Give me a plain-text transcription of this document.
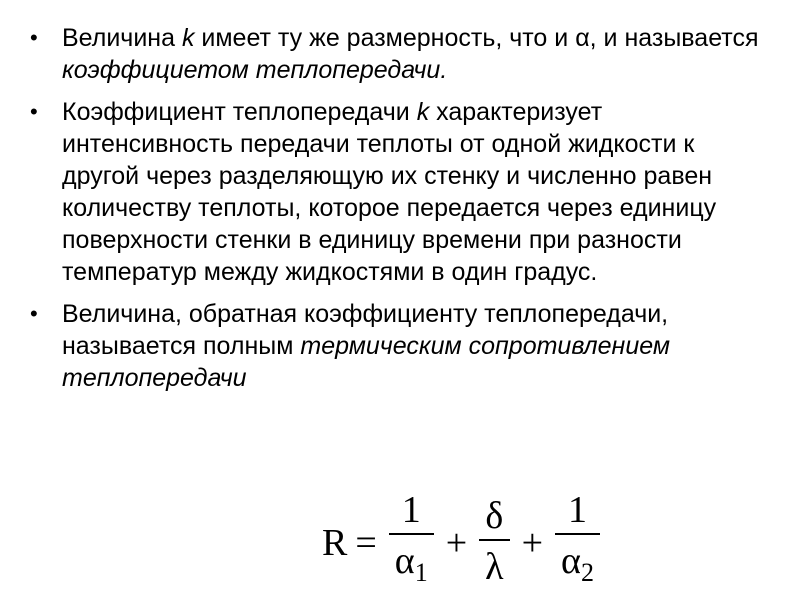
• Величина k имеет ту же размерность, что и α, и называется коэффициетом теплопередачи.
• Коэффициент теплопередачи k характеризует интенсивность передачи теплоты от одной жидкости к другой через разделяющую их стенку и численно равен количеству теплоты, которое передается через единицу поверхности стенки в единицу времени при разности температур между жидкостями в один градус.
• Величина, обратная коэффициенту теплопередачи, называется полным термическим сопротивлением теплопередачи
$R = \frac{1}{\alpha_1} + \frac{\delta}{\lambda} + \frac{1}{\alpha_2}$
